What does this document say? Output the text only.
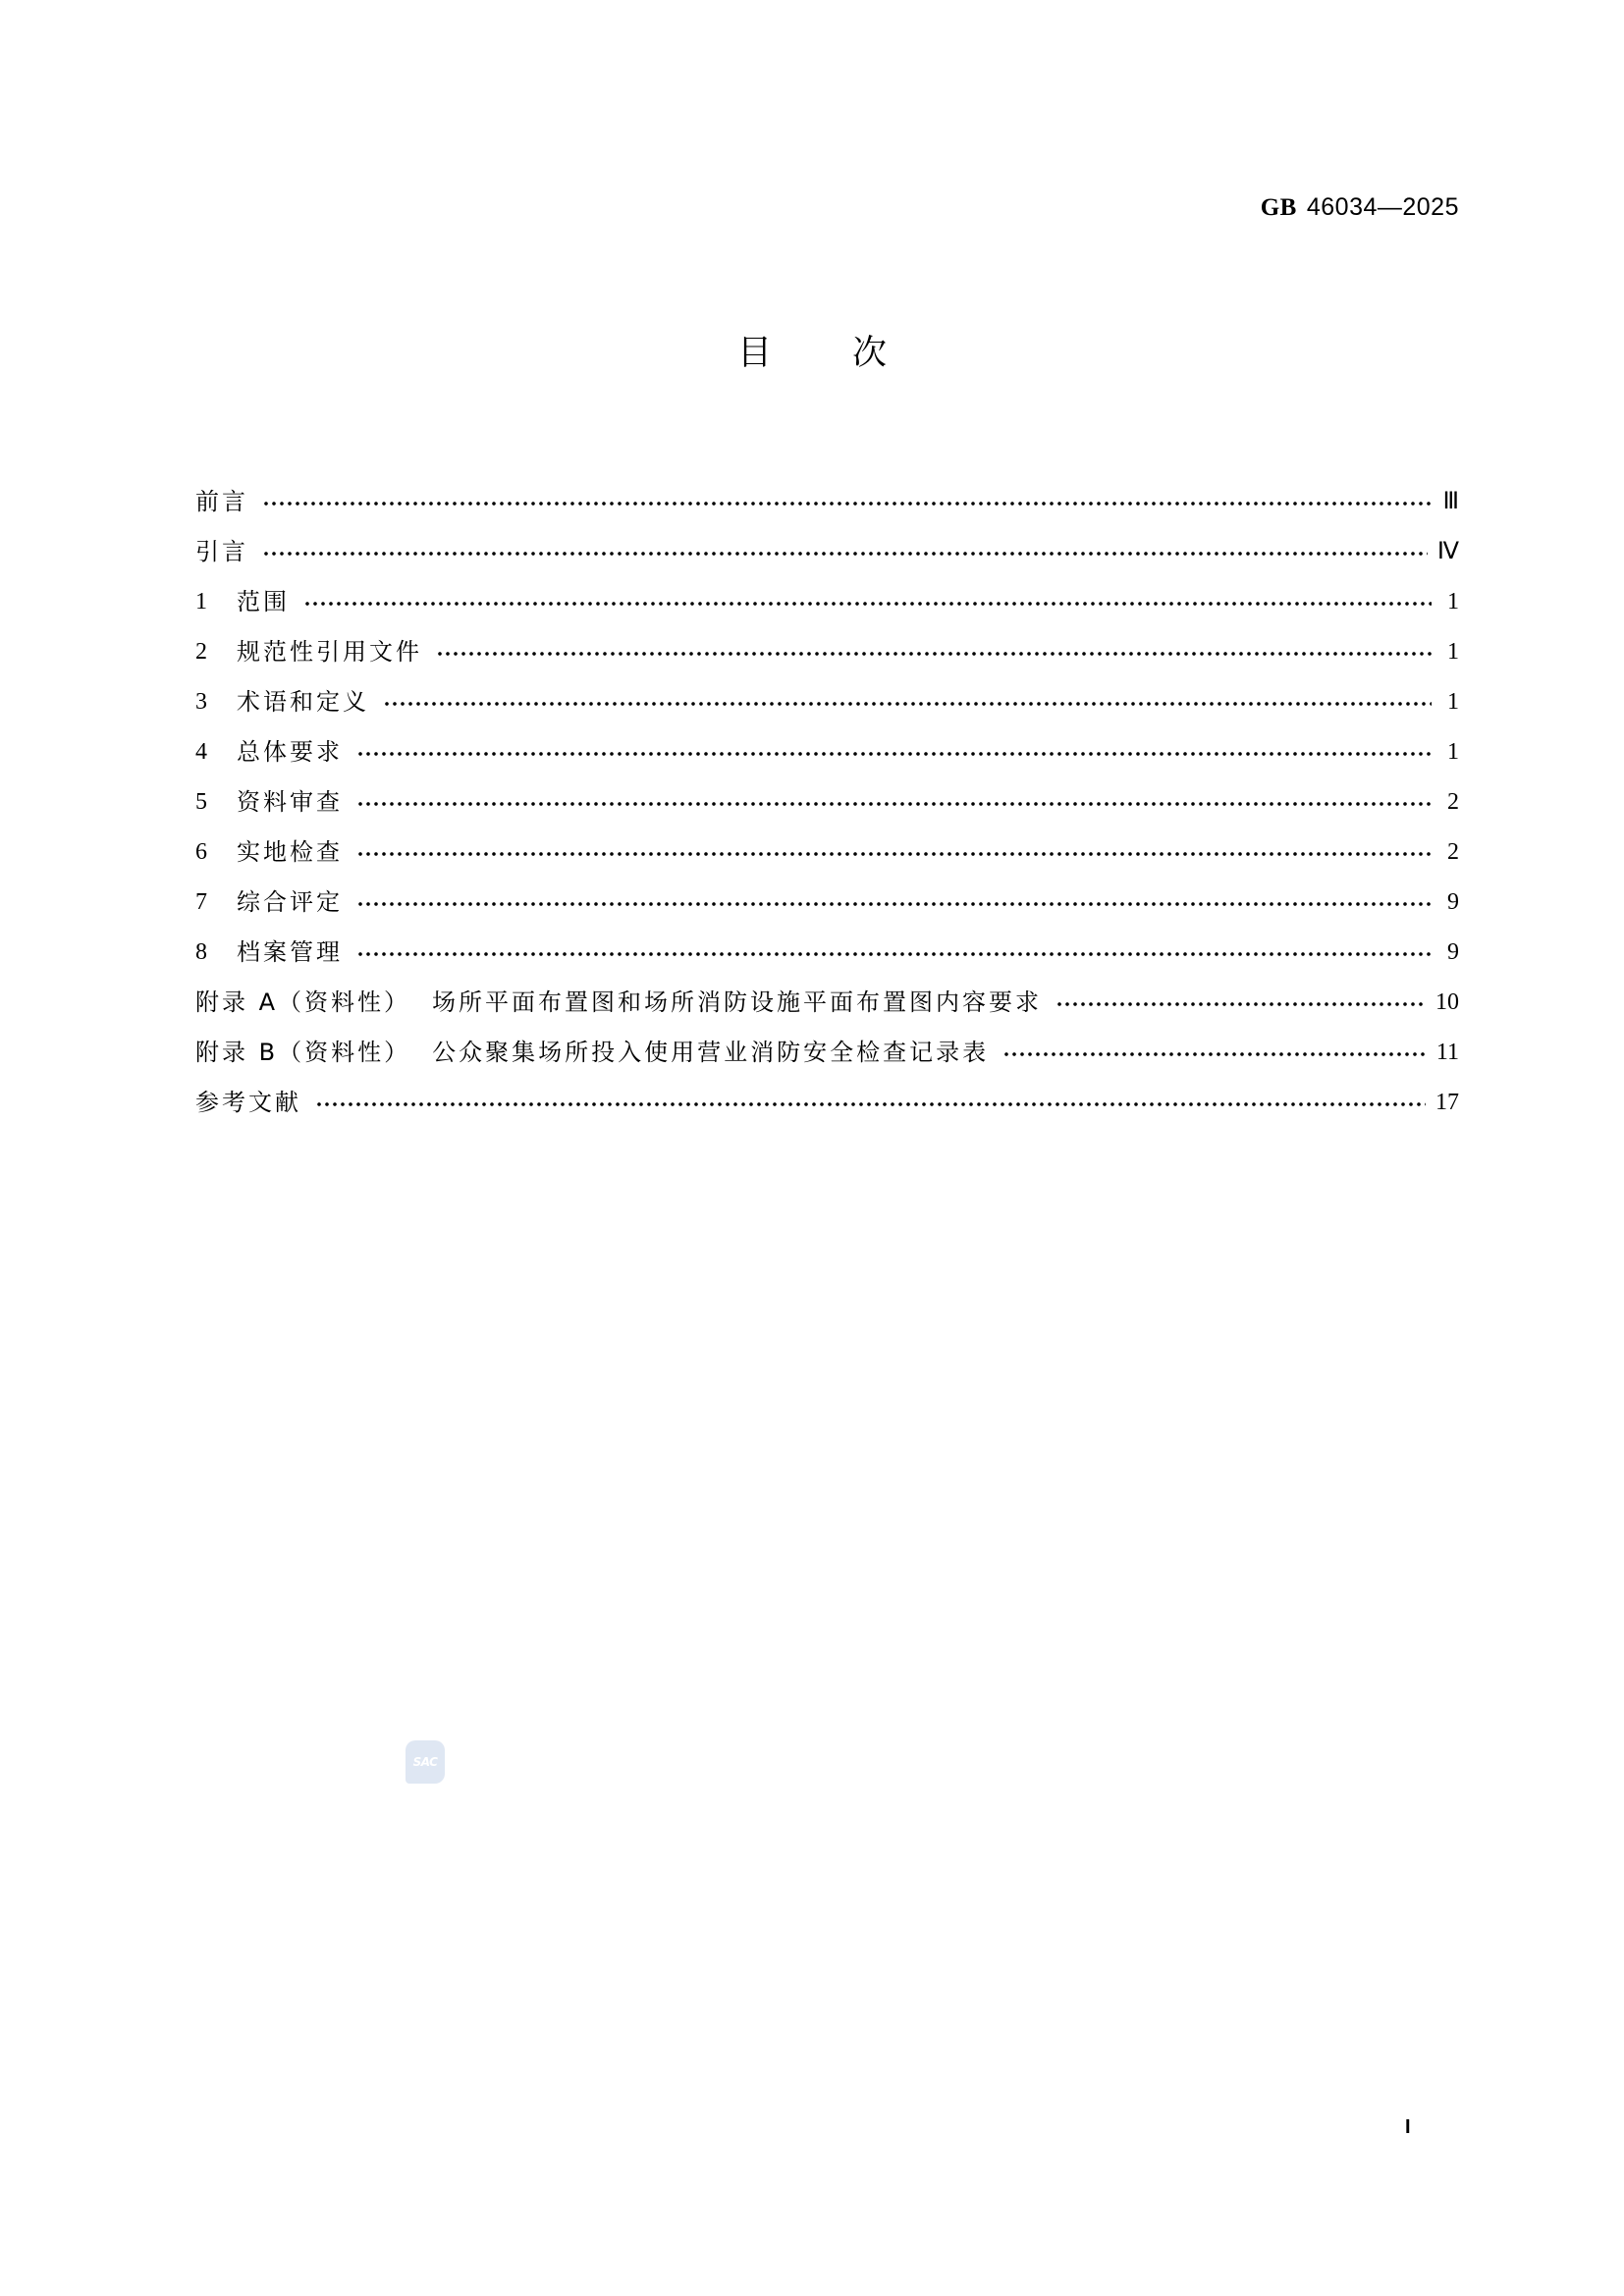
GB 46034—2025
目 次
前言	Ⅲ
引言	Ⅳ
1	范围	1
2	规范性引用文件	1
3	术语和定义	1
4	总体要求	1
5	资料审查	2
6	实地检查	2
7	综合评定	9
8	档案管理	9
附录 A（资料性） 场所平面布置图和场所消防设施平面布置图内容要求	10
附录 B（资料性） 公众聚集场所投入使用营业消防安全检查记录表	11
参考文献	17
SAC
I
